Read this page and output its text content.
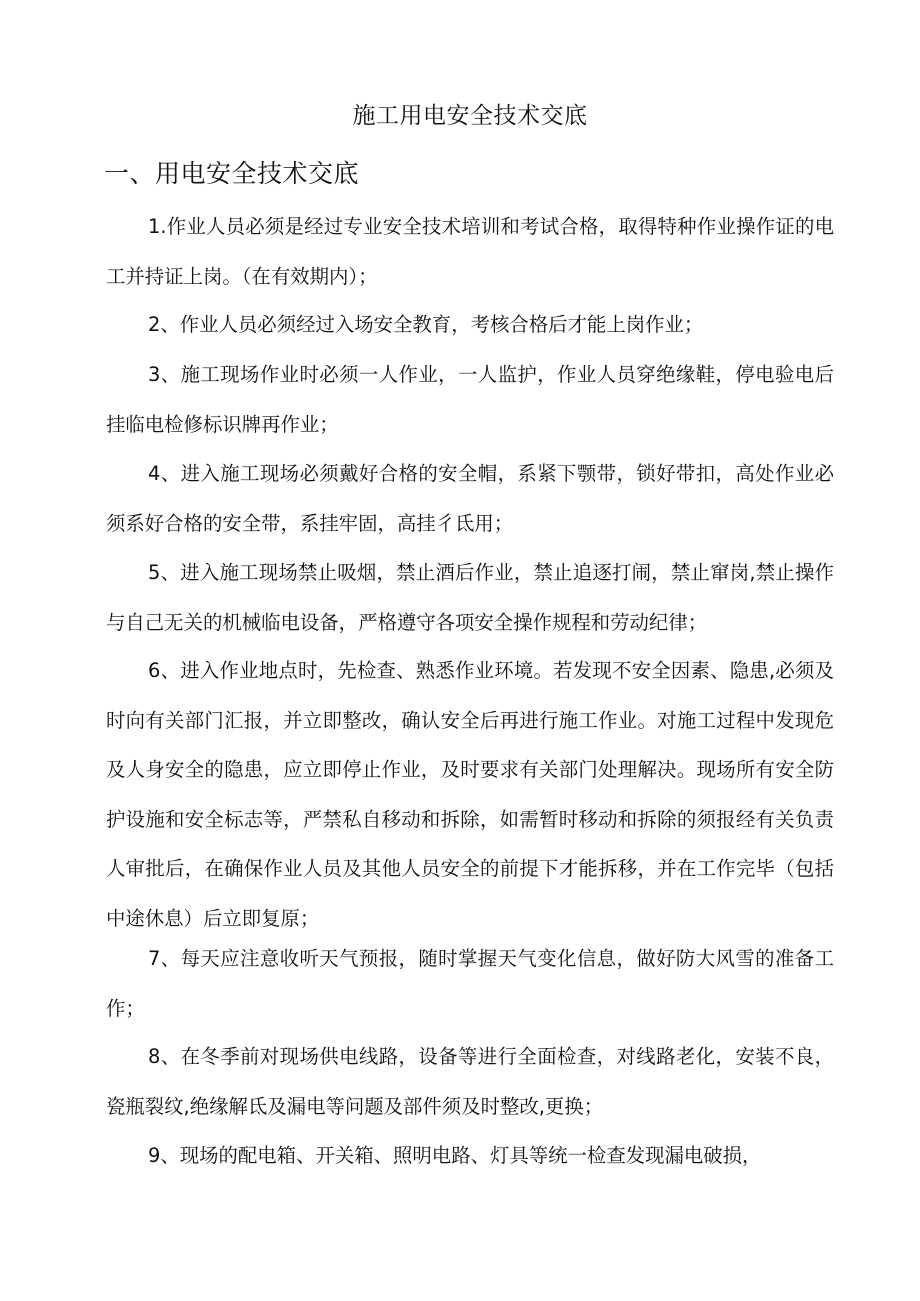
施工用电安全技术交底
一、用电安全技术交底

1.作业人员必须是经过专业安全技术培训和考试合格，取得特种作业操作证的电工并持证上岗。（在有效期内）；

2、作业人员必须经过入场安全教育，考核合格后才能上岗作业；

3、施工现场作业时必须一人作业，一人监护，作业人员穿绝缘鞋，停电验电后挂临电检修标识牌再作业；

4、进入施工现场必须戴好合格的安全帽，系紧下颚带，锁好带扣，高处作业必须系好合格的安全带，系挂牢固，高挂彳氐用；

5、进入施工现场禁止吸烟，禁止酒后作业，禁止追逐打闹，禁止窜岗,禁止操作与自己无关的机械临电设备，严格遵守各项安全操作规程和劳动纪律；

6、进入作业地点时，先检查、熟悉作业环境。若发现不安全因素、隐患,必须及时向有关部门汇报，并立即整改，确认安全后再进行施工作业。对施工过程中发现危及人身安全的隐患，应立即停止作业，及时要求有关部门处理解决。现场所有安全防护设施和安全标志等，严禁私自移动和拆除，如需暂时移动和拆除的须报经有关负责人审批后，在确保作业人员及其他人员安全的前提下才能拆移，并在工作完毕（包括中途休息）后立即复原；

7、每天应注意收听天气预报，随时掌握天气变化信息，做好防大风雪的准备工作；

8、在冬季前对现场供电线路，设备等进行全面检查，对线路老化，安装不良，瓷瓶裂纹,绝缘解氐及漏电等问题及部件须及时整改,更换；

9、现场的配电箱、开关箱、照明电路、灯具等统一检查发现漏电破损，
